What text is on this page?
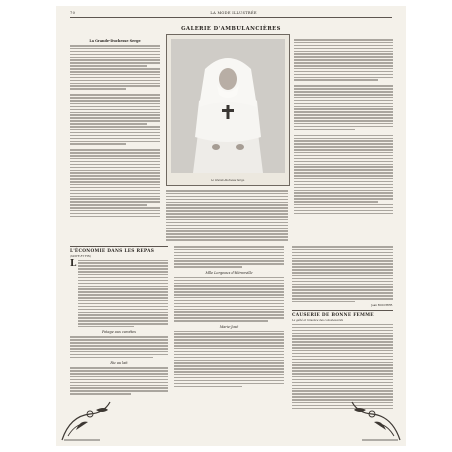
70	LA MODE ILLUSTRÉE
GALERIE D'AMBULANCIÈRES
La Grande-Duchesse Serge
La Grande-Duchesse Serge.
L'ÉCONOMIE DANS LES REPAS
(SUITE ET FIN)
L
Potage aux carottes
Riz au lait
Mlle Lorgeoux d'Héronville
Marie-José
Jean BOUCHER.
CAUSERIE DE BONNE FEMME
La gaîté et l'aisance des convalescents
